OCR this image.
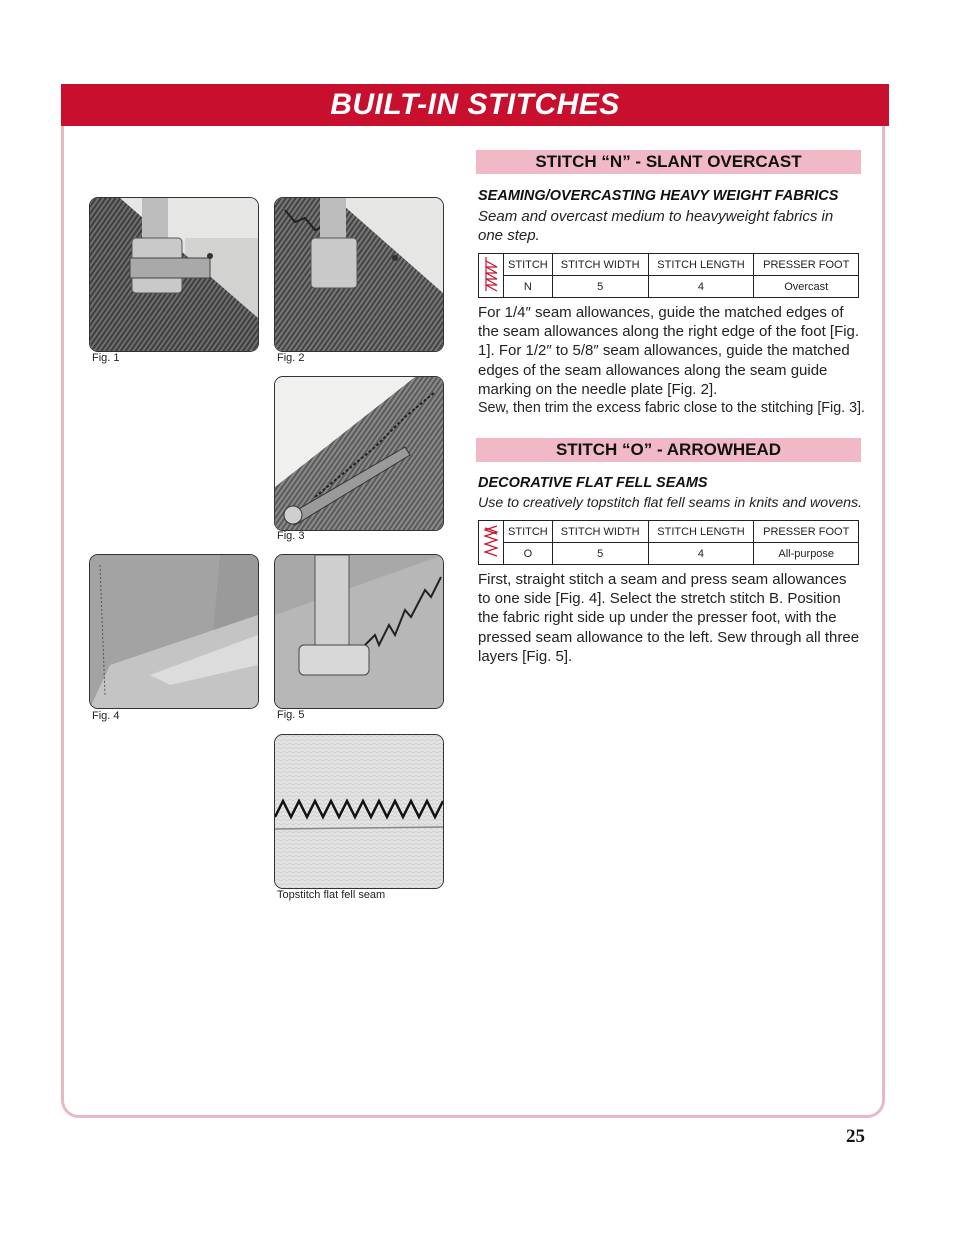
BUILT-IN STITCHES
Fig. 1	Fig. 2
Fig. 3
Fig. 4	Fig. 5
Topstitch flat fell seam
STITCH “N” - SLANT OVERCAST
SEAMING/OVERCASTING HEAVY WEIGHT FABRICS
Seam and overcast medium to heavyweight fabrics in one step.
	STITCH	STITCH WIDTH	STITCH LENGTH	PRESSER FOOT
	N	5	4	Overcast

For 1/4″ seam allowances, guide the matched edges of the seam allowances along the right edge of the foot [Fig. 1]. For 1/2″ to 5/8″ seam allowances, guide the matched edges of the seam allowances along the seam guide marking on the needle plate [Fig. 2].

Sew, then trim the excess fabric close to the stitching [Fig. 3].

STITCH “O” - ARROWHEAD
DECORATIVE FLAT FELL SEAMS
Use to creatively topstitch flat fell seams in knits and wovens.
	STITCH	STITCH WIDTH	STITCH LENGTH	PRESSER FOOT
	O	5	4	All-purpose

First, straight stitch a seam and press seam allowances to one side [Fig. 4]. Select the stretch stitch B. Position the fabric right side up under the presser foot, with the pressed seam allowance to the left. Sew through all three layers [Fig. 5].

25
